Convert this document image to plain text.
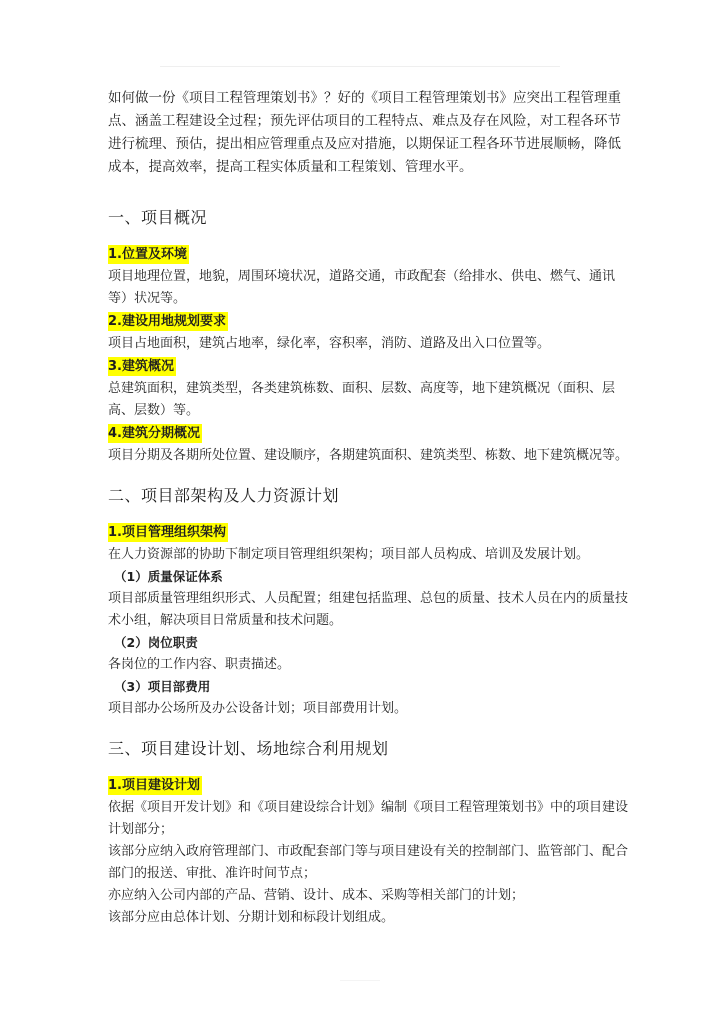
如何做一份《项目工程管理策划书》？好的《项目工程管理策划书》应突出工程管理重点、涵盖工程建设全过程；预先评估项目的工程特点、难点及存在风险，对工程各环节进行梳理、预估，提出相应管理重点及应对措施，以期保证工程各环节进展顺畅，降低成本，提高效率，提高工程实体质量和工程策划、管理水平。

一、项目概况
1.位置及环境

项目地理位置，地貌，周围环境状况，道路交通，市政配套（给排水、供电、燃气、通讯等）状况等。

2.建设用地规划要求

项目占地面积，建筑占地率，绿化率，容积率，消防、道路及出入口位置等。

3.建筑概况

总建筑面积，建筑类型，各类建筑栋数、面积、层数、高度等，地下建筑概况（面积、层高、层数）等。

4.建筑分期概况

项目分期及各期所处位置、建设顺序，各期建筑面积、建筑类型、栋数、地下建筑概况等。

二、项目部架构及人力资源计划
1.项目管理组织架构

在人力资源部的协助下制定项目管理组织架构；项目部人员构成、培训及发展计划。

（1）质量保证体系

项目部质量管理组织形式、人员配置；组建包括监理、总包的质量、技术人员在内的质量技术小组，解决项目日常质量和技术问题。

（2）岗位职责

各岗位的工作内容、职责描述。

（3）项目部费用

项目部办公场所及办公设备计划；项目部费用计划。

三、项目建设计划、场地综合利用规划
1.项目建设计划

依据《项目开发计划》和《项目建设综合计划》编制《项目工程管理策划书》中的项目建设计划部分；

该部分应纳入政府管理部门、市政配套部门等与项目建设有关的控制部门、监管部门、配合部门的报送、审批、准许时间节点；

亦应纳入公司内部的产品、营销、设计、成本、采购等相关部门的计划；

该部分应由总体计划、分期计划和标段计划组成。
